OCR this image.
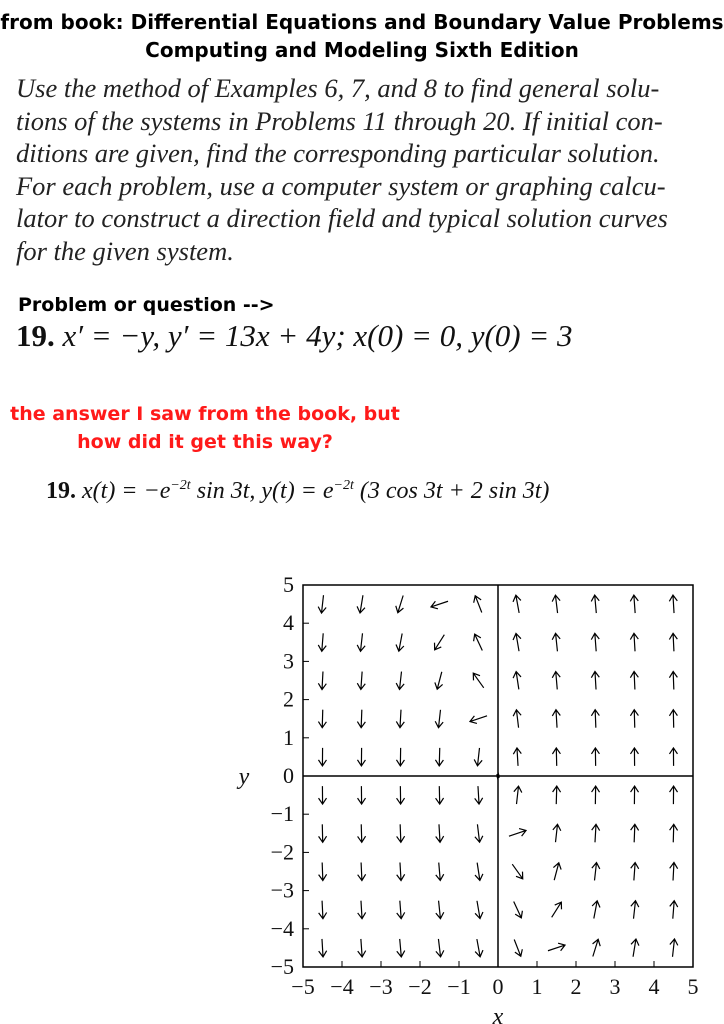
from book: Differential Equations and Boundary Value Problems
Computing and Modeling Sixth Edition
Use the method of Examples 6, 7, and 8 to find general solu-
tions of the systems in Problems 11 through 20. If initial con-
ditions are given, find the corresponding particular solution.
For each problem, use a computer system or graphing calcu-
lator to construct a direction field and typical solution curves
for the given system.
Problem or question -->
19. x′ = −y, y′ = 13x + 4y; x(0) = 0, y(0) = 3
the answer I saw from the book, but
how did it get this way?
19. $x(t) = -e^{-2t}$ sin 3t, $y(t) = e^{-2t}$ (3 cos 3t + 2 sin 3t)
−5 −4 −3 −2 −1 0 1 2 3 4 5
5
4
3
2
1
0
−1
−2
−3
−4
−5
x
y
